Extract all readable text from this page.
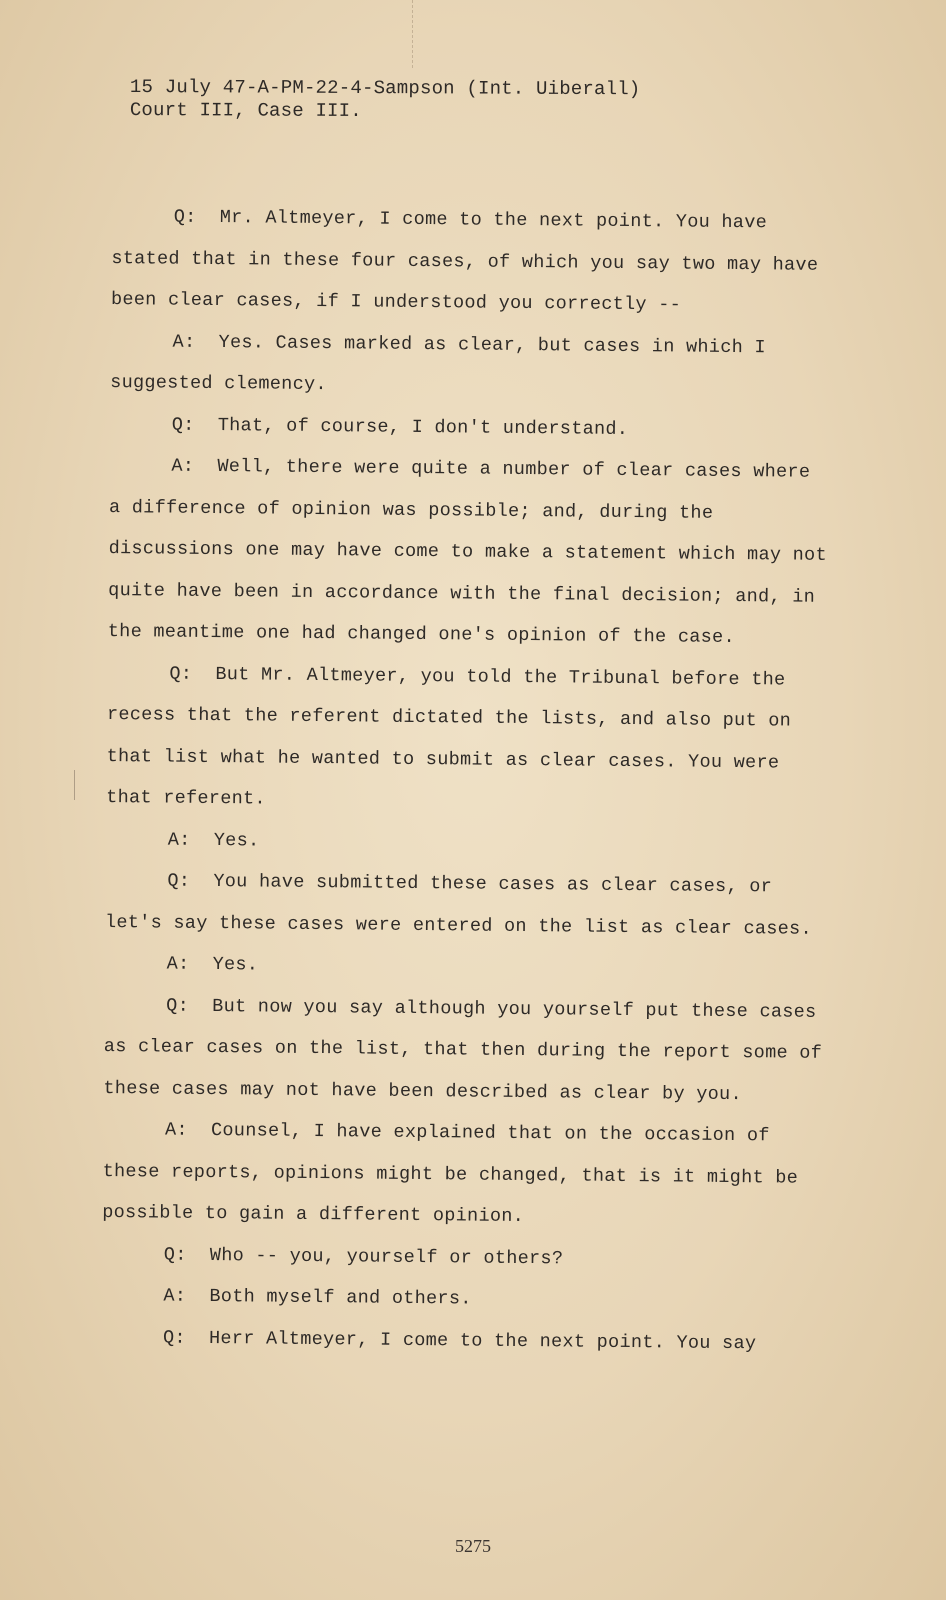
15 July 47-A-PM-22-4-Sampson (Int. Uiberall)
Court III, Case III.

Q: Mr. Altmeyer, I come to the next point. You have stated that in these four cases, of which you say two may have been clear cases, if I understood you correctly --

A: Yes. Cases marked as clear, but cases in which I suggested clemency.

Q: That, of course, I don't understand.

A: Well, there were quite a number of clear cases where a difference of opinion was possible; and, during the discussions one may have come to make a statement which may not quite have been in accordance with the final decision; and, in the meantime one had changed one's opinion of the case.

Q: But Mr. Altmeyer, you told the Tribunal before the recess that the referent dictated the lists, and also put on that list what he wanted to submit as clear cases. You were that referent.

A: Yes.

Q: You have submitted these cases as clear cases, or let's say these cases were entered on the list as clear cases.

A: Yes.

Q: But now you say although you yourself put these cases as clear cases on the list, that then during the report some of these cases may not have been described as clear by you.

A: Counsel, I have explained that on the occasion of these reports, opinions might be changed, that is it might be possible to gain a different opinion.

Q: Who -- you, yourself or others?

A: Both myself and others.

Q: Herr Altmeyer, I come to the next point. You say

5275
